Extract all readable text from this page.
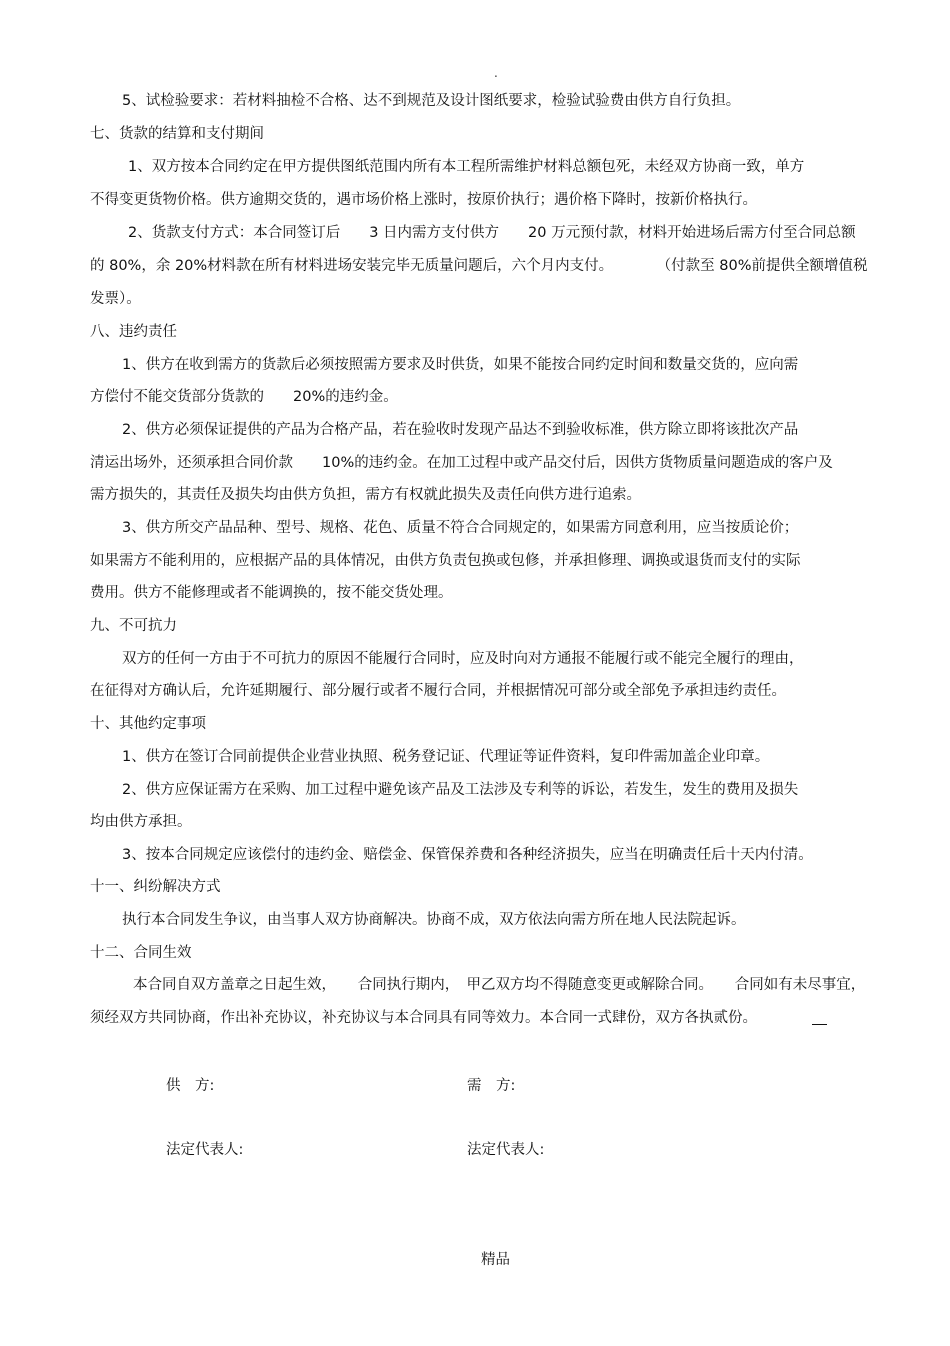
.
5、试检验要求：若材料抽检不合格、达不到规范及设计图纸要求，检验试验费由供方自行负担。
七、货款的结算和支付期间
1、双方按本合同约定在甲方提供图纸范围内所有本工程所需维护材料总额包死，未经双方协商一致，单方
不得变更货物价格。供方逾期交货的，遇市场价格上涨时，按原价执行；遇价格下降时，按新价格执行。
2、货款支付方式：本合同签订后　　3 日内需方支付供方　　20 万元预付款，材料开始进场后需方付至合同总额
的 80%，余 20%材料款在所有材料进场安装完毕无质量问题后，六个月内支付。　　　　（付款至 80%前提供全额增值税
发票）。
八、违约责任
1、供方在收到需方的货款后必须按照需方要求及时供货，如果不能按合同约定时间和数量交货的，应向需
方偿付不能交货部分货款的　　20%的违约金。
2、供方必须保证提供的产品为合格产品，若在验收时发现产品达不到验收标准，供方除立即将该批次产品
清运出场外，还须承担合同价款　　10%的违约金。在加工过程中或产品交付后，因供方货物质量问题造成的客户及
需方损失的，其责任及损失均由供方负担，需方有权就此损失及责任向供方进行追索。
3、供方所交产品品种、型号、规格、花色、质量不符合合同规定的，如果需方同意利用，应当按质论价；
如果需方不能利用的，应根据产品的具体情况，由供方负责包换或包修，并承担修理、调换或退货而支付的实际
费用。供方不能修理或者不能调换的，按不能交货处理。
九、不可抗力
双方的任何一方由于不可抗力的原因不能履行合同时，应及时向对方通报不能履行或不能完全履行的理由，
在征得对方确认后，允许延期履行、部分履行或者不履行合同，并根据情况可部分或全部免予承担违约责任。
十、其他约定事项
1、供方在签订合同前提供企业营业执照、税务登记证、代理证等证件资料，复印件需加盖企业印章。
2、供方应保证需方在采购、加工过程中避免该产品及工法涉及专利等的诉讼，若发生，发生的费用及损失
均由供方承担。
3、按本合同规定应该偿付的违约金、赔偿金、保管保养费和各种经济损失，应当在明确责任后十天内付清。
十一、纠纷解决方式
执行本合同发生争议，由当事人双方协商解决。协商不成，双方依法向需方所在地人民法院起诉。
十二、合同生效
本合同自双方盖章之日起生效，　　合同执行期内，　甲乙双方均不得随意变更或解除合同。　　合同如有未尽事宜，
须经双方共同协商，作出补充协议，补充协议与本合同具有同等效力。本合同一式肆份，双方各执贰份。
供　方:	需　方:
法定代表人:	法定代表人:
精品
